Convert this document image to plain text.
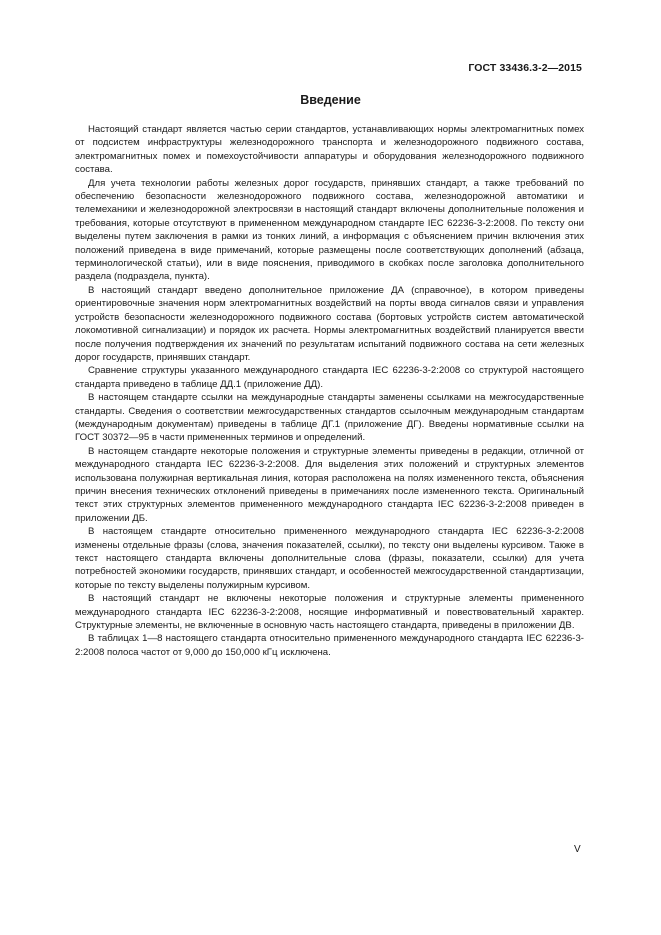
ГОСТ 33436.3-2—2015
Введение

Настоящий стандарт является частью серии стандартов, устанавливающих нормы электромагнитных помех от подсистем инфраструктуры железнодорожного транспорта и железнодорожного подвижного состава, электромагнитных помех и помехоустойчивости аппаратуры и оборудования железнодорожного подвижного состава.

Для учета технологии работы железных дорог государств, принявших стандарт, а также требований по обеспечению безопасности железнодорожного подвижного состава, железнодорожной автоматики и телемеханики и железнодорожной электросвязи в настоящий стандарт включены дополнительные положения и требования, которые отсутствуют в примененном международном стандарте IEC 62236-3-2:2008. По тексту они выделены путем заключения в рамки из тонких линий, а информация с объяснением причин включения этих положений приведена в виде примечаний, которые размещены после соответствующих дополнений (абзаца, терминологической статьи), или в виде пояснения, приводимого в скобках после заголовка дополнительного раздела (подраздела, пункта).

В настоящий стандарт введено дополнительное приложение ДА (справочное), в котором приведены ориентировочные значения норм электромагнитных воздействий на порты ввода сигналов связи и управления устройств безопасности железнодорожного подвижного состава (бортовых устройств систем автоматической локомотивной сигнализации) и порядок их расчета. Нормы электромагнитных воздействий планируется ввести после получения подтверждения их значений по результатам испытаний подвижного состава на сети железных дорог государств, принявших стандарт.

Сравнение структуры указанного международного стандарта IEC 62236-3-2:2008 со структурой настоящего стандарта приведено в таблице ДД.1 (приложение ДД).

В настоящем стандарте ссылки на международные стандарты заменены ссылками на межгосударственные стандарты. Сведения о соответствии межгосударственных стандартов ссылочным международным стандартам (международным документам) приведены в таблице ДГ.1 (приложение ДГ). Введены нормативные ссылки на ГОСТ 30372—95 в части примененных терминов и определений.

В настоящем стандарте некоторые положения и структурные элементы приведены в редакции, отличной от международного стандарта IEC 62236-3-2:2008. Для выделения этих положений и структурных элементов использована полужирная вертикальная линия, которая расположена на полях измененного текста, объяснения причин внесения технических отклонений приведены в примечаниях после измененного текста. Оригинальный текст этих структурных элементов примененного международного стандарта IEC 62236-3-2:2008 приведен в приложении ДБ.

В настоящем стандарте относительно примененного международного стандарта IEC 62236-3-2:2008 изменены отдельные фразы (слова, значения показателей, ссылки), по тексту они выделены курсивом. Также в текст настоящего стандарта включены дополнительные слова (фразы, показатели, ссылки) для учета потребностей экономики государств, принявших стандарт, и особенностей межгосударственной стандартизации, которые по тексту выделены полужирным курсивом.

В настоящий стандарт не включены некоторые положения и структурные элементы примененного международного стандарта IEC 62236-3-2:2008, носящие информативный и повествовательный характер. Структурные элементы, не включенные в основную часть настоящего стандарта, приведены в приложении ДВ.

В таблицах 1—8 настоящего стандарта относительно примененного международного стандарта IEC 62236-3-2:2008 полоса частот от 9,000 до 150,000 кГц исключена.

V
